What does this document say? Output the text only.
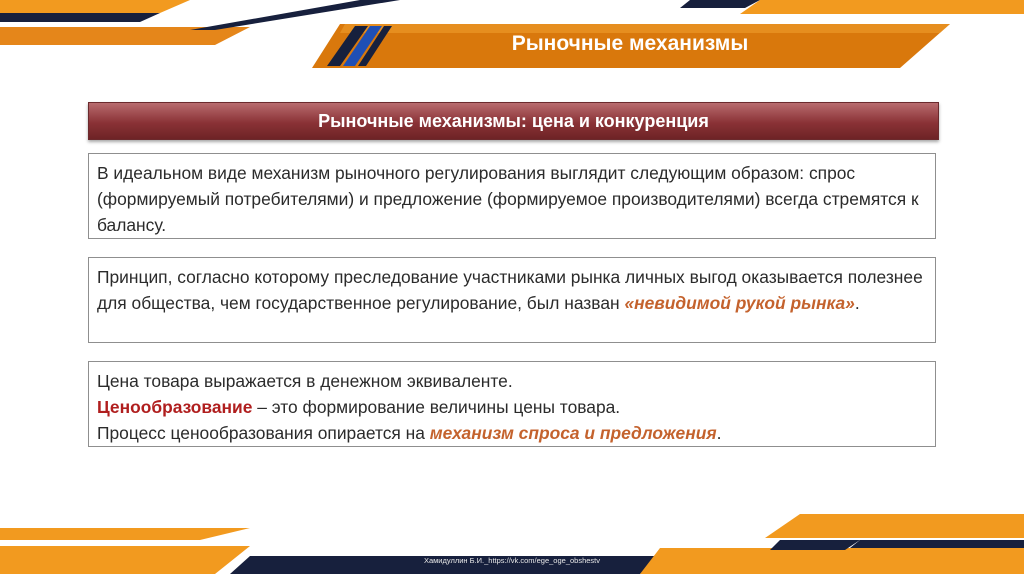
Рыночные механизмы
Рыночные механизмы: цена и конкуренция
В идеальном виде механизм рыночного регулирования выглядит следующим образом: спрос (формируемый потребителями) и предложение (формируемое производителями) всегда стремятся к балансу.
Принцип, согласно которому преследование участниками рынка личных выгод оказывается полезнее для общества, чем государственное регулирование, был назван «невидимой рукой рынка».
Цена товара выражается в денежном эквиваленте.
Ценообразование – это формирование величины цены товара.
Процесс ценообразования опирается на механизм спроса и предложения.
Хамидуллин Б.И._https://vk.com/ege_oge_obshestv
